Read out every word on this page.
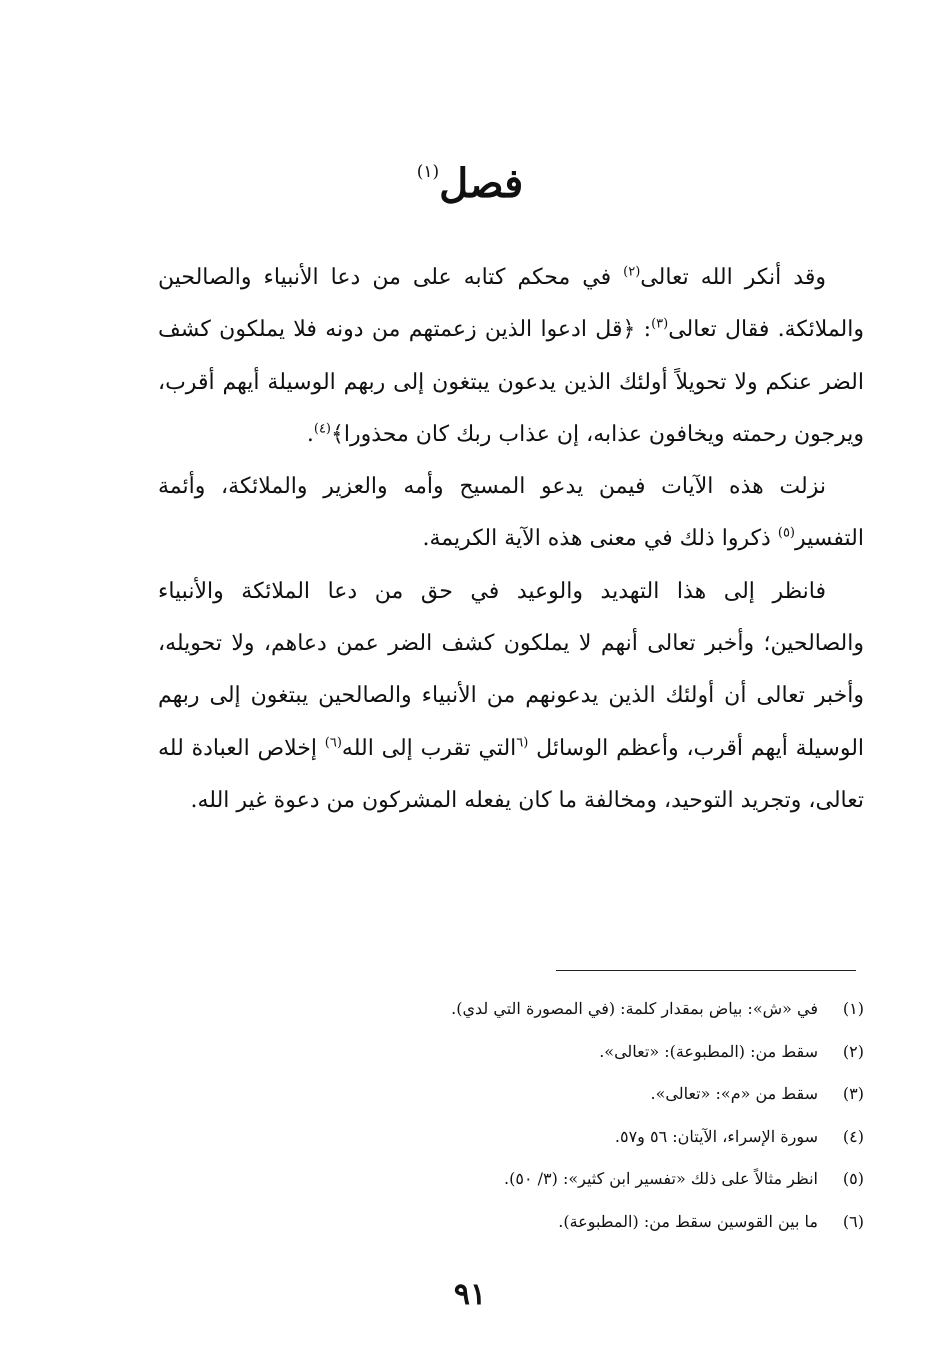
فصل$^{(١)}$

وقد أنكر الله تعالى$^{(٢)}$ في محكم كتابه على من دعا الأنبياء والصالحين والملائكة. فقال تعالى$^{(٣)}$: ﴿قل ادعوا الذين زعمتهم من دونه فلا يملكون كشف الضر عنكم ولا تحويلاً أولئك الذين يدعون يبتغون إلى ربهم الوسيلة أيهم أقرب، ويرجون رحمته ويخافون عذابه، إن عذاب ربك كان محذورا﴾$^{(٤)}$.

نزلت هذه الآيات فيمن يدعو المسيح وأمه والعزير والملائكة، وأئمة التفسير$^{(٥)}$ ذكروا ذلك في معنى هذه الآية الكريمة.

فانظر إلى هذا التهديد والوعيد في حق من دعا الملائكة والأنبياء والصالحين؛ وأخبر تعالى أنهم لا يملكون كشف الضر عمن دعاهم، ولا تحويله، وأخبر تعالى أن أولئك الذين يدعونهم من الأنبياء والصالحين يبتغون إلى ربهم الوسيلة أيهم أقرب، وأعظم الوسائل $^{(٦}$التي تقرب إلى الله$^{(٦)}$ إخلاص العبادة لله تعالى، وتجريد التوحيد، ومخالفة ما كان يفعله المشركون من دعوة غير الله.

(١)في «ش»: بياض بمقدار كلمة: (في المصورة التي لدي).
(٢)سقط من: (المطبوعة): «تعالى».
(٣)سقط من «م»: «تعالى».
(٤)سورة الإسراء، الآيتان: ٥٦ و٥٧.
(٥)انظر مثالاً على ذلك «تفسير ابن كثير»: (٣/ ٥٠).
(٦)ما بين القوسين سقط من: (المطبوعة).
٩١
